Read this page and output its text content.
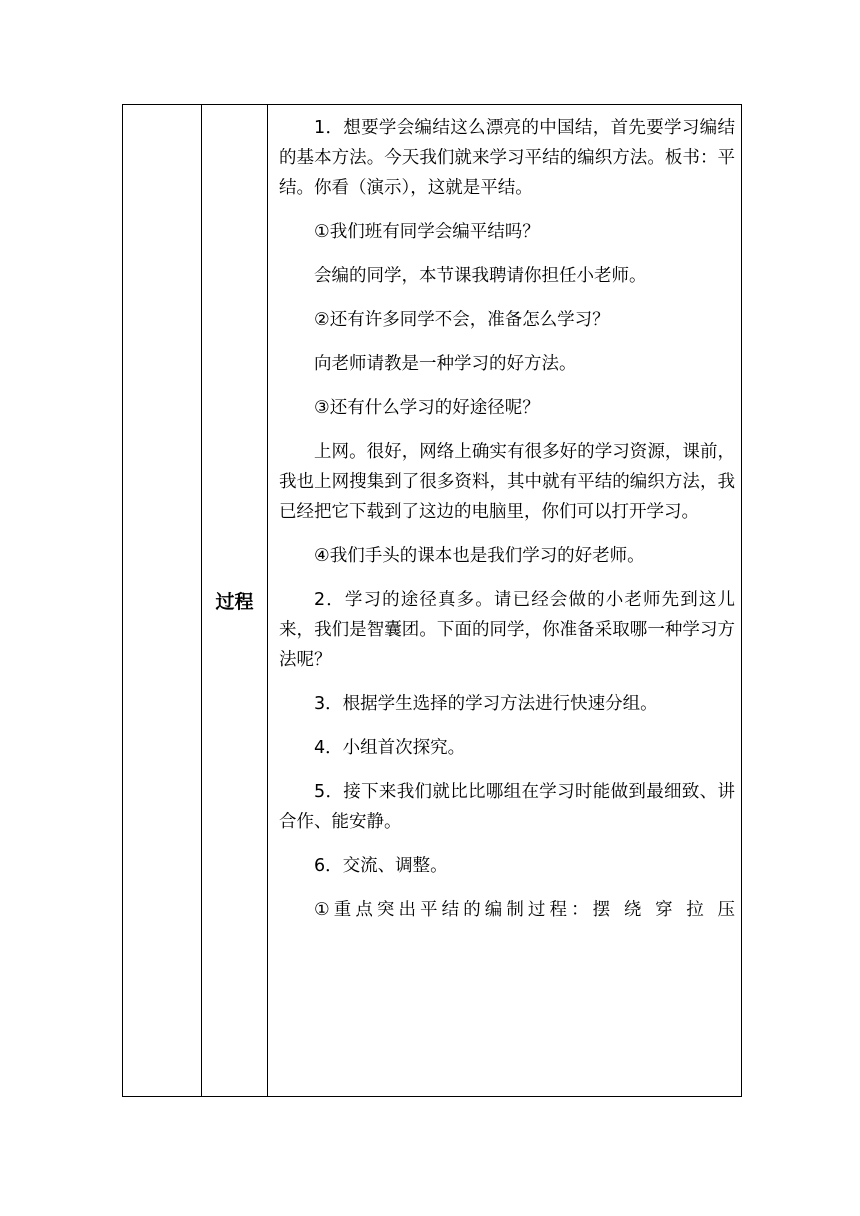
	过程	

1．想要学会编结这么漂亮的中国结，首先要学习编结的基本方法。今天我们就来学习平结的编织方法。板书：平结。你看（演示），这就是平结。

①我们班有同学会编平结吗？

会编的同学，本节课我聘请你担任小老师。

②还有许多同学不会，准备怎么学习？

向老师请教是一种学习的好方法。

③还有什么学习的好途径呢？

上网。很好，网络上确实有很多好的学习资源，课前，我也上网搜集到了很多资料，其中就有平结的编织方法，我已经把它下载到了这边的电脑里，你们可以打开学习。

④我们手头的课本也是我们学习的好老师。

2．学习的途径真多。请已经会做的小老师先到这儿来，我们是智囊团。下面的同学，你准备采取哪一种学习方法呢？

3．根据学生选择的学习方法进行快速分组。

4．小组首次探究。

5．接下来我们就比比哪组在学习时能做到最细致、讲合作、能安静。

6．交流、调整。

①重点突出平结的编制过程：摆 绕 穿 拉 压
